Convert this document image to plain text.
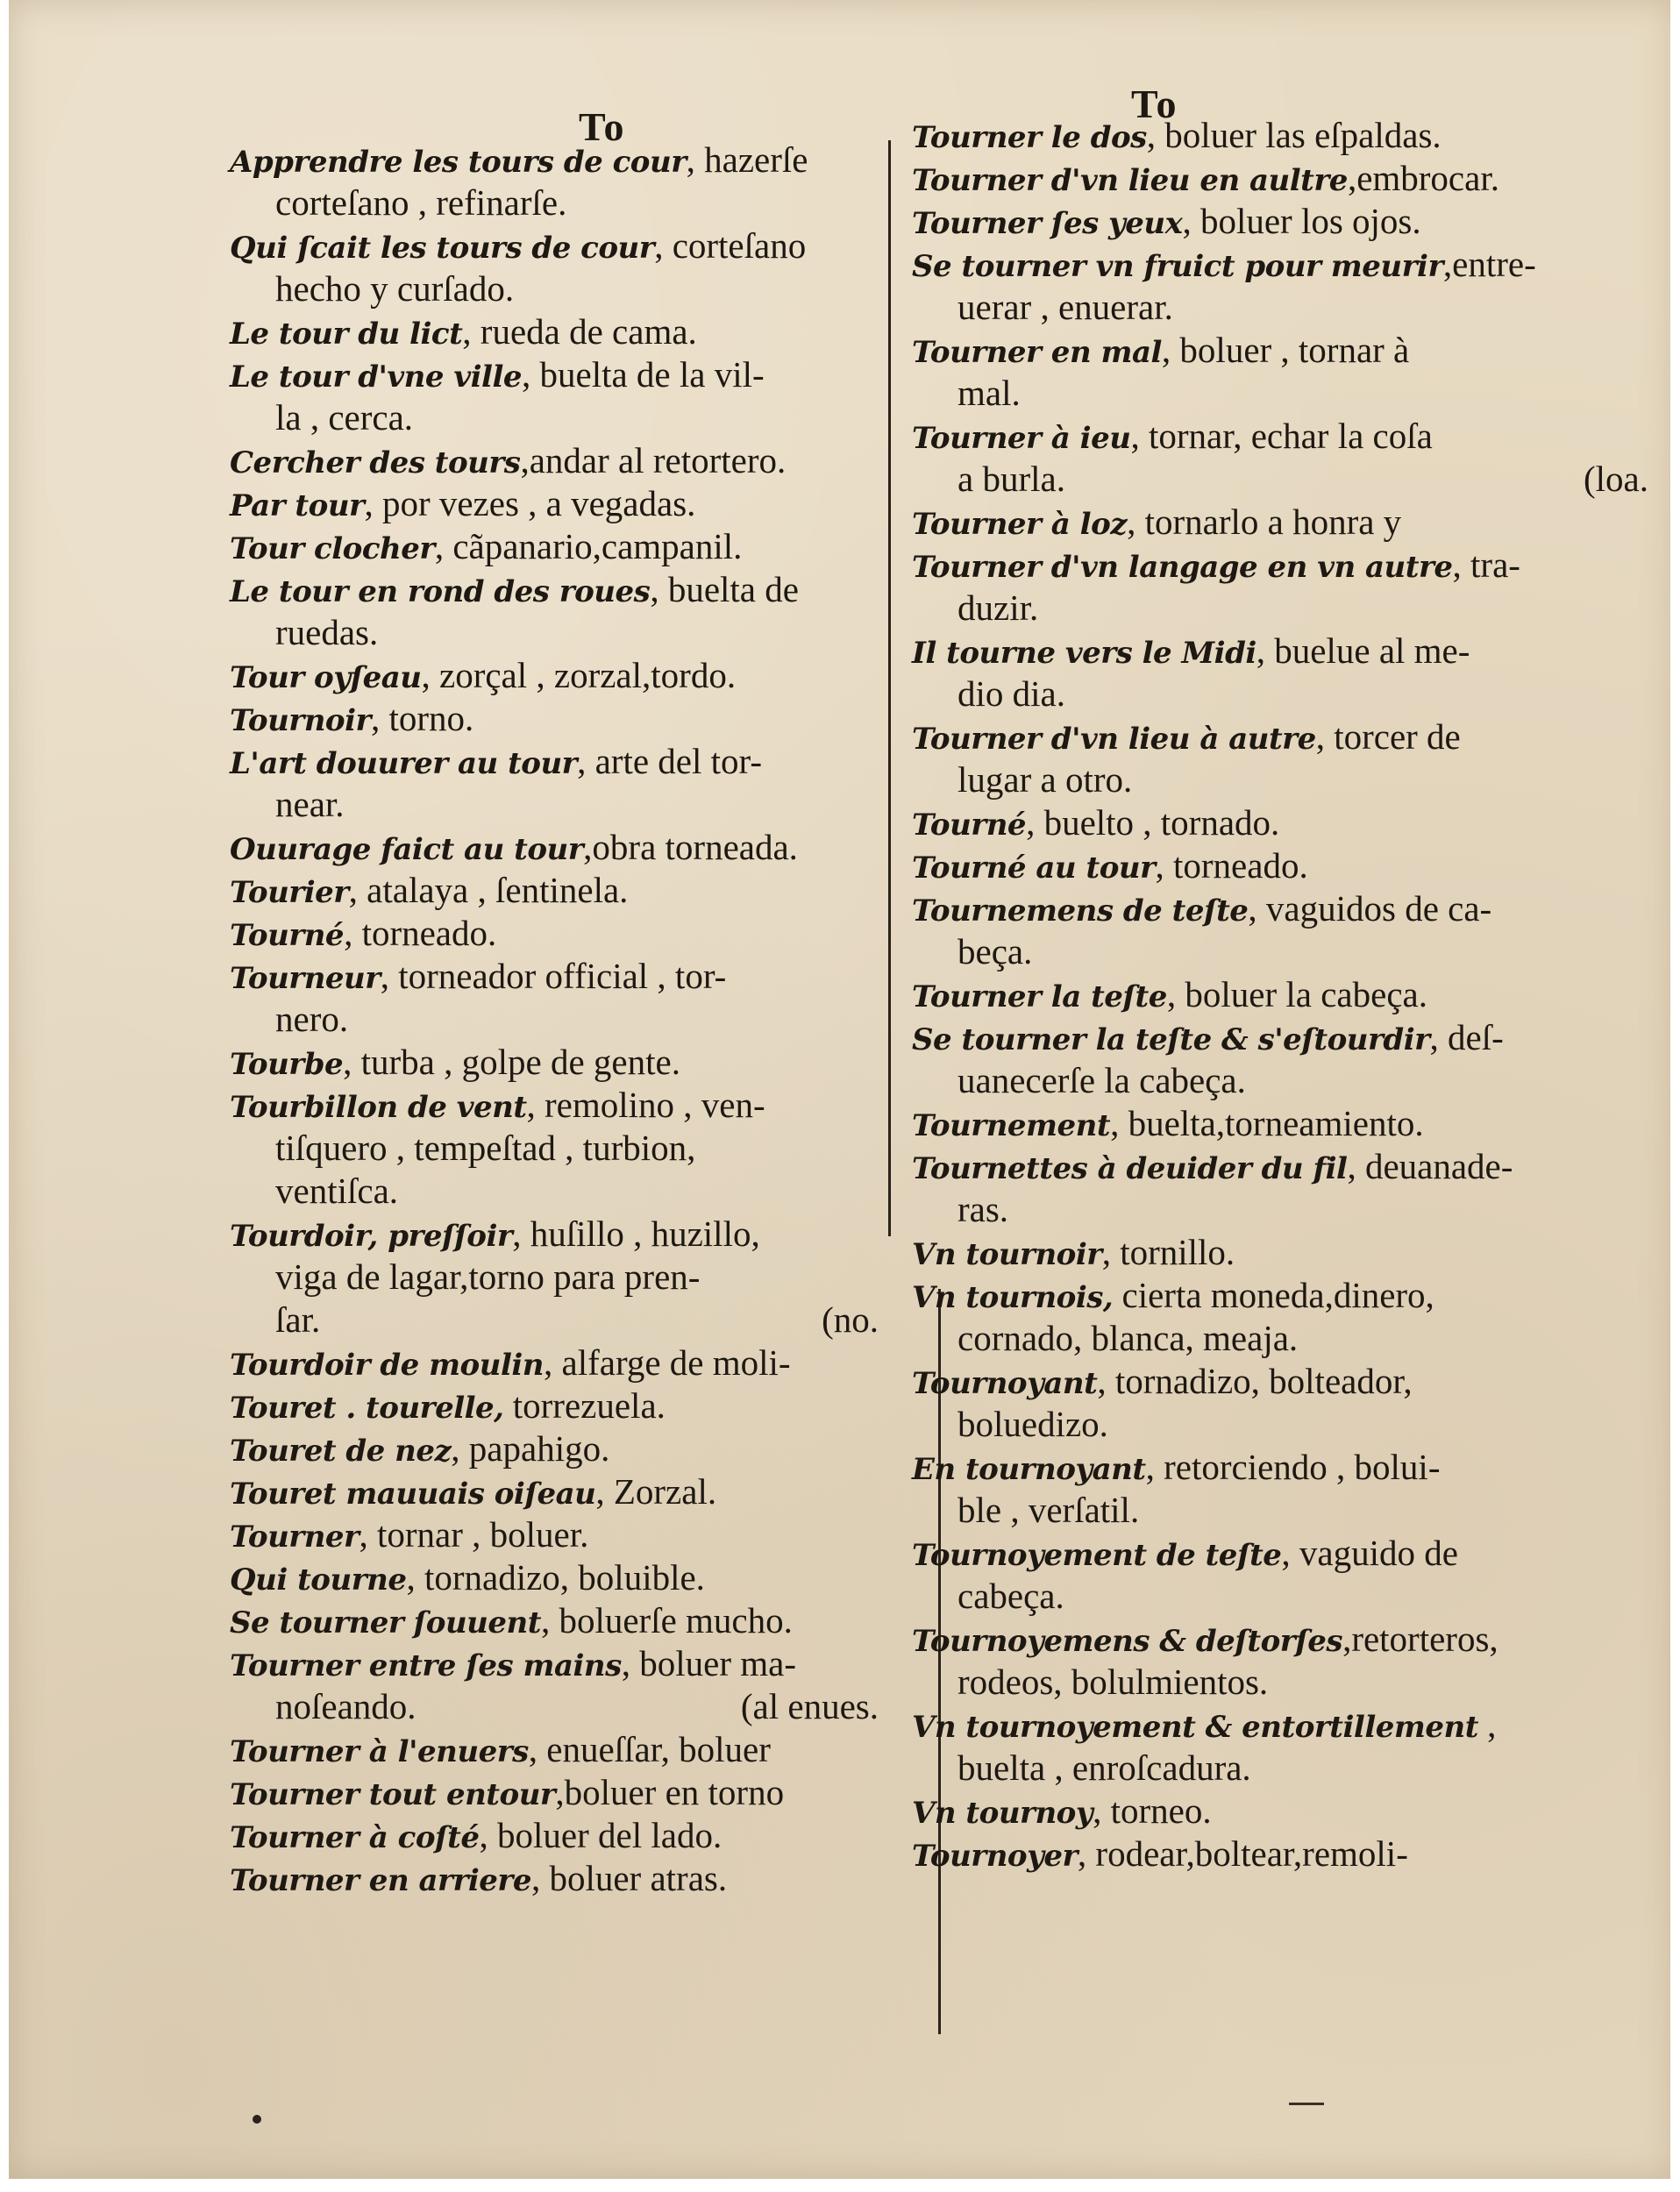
To
To
Apprendre les tours de cour, hazerſe
corteſano , refinarſe.
Qui ſcait les tours de cour, corteſano
hecho y curſado.
Le tour du lict, rueda de cama.
Le tour d'vne ville, buelta de la vil-
la , cerca.
Cercher des tours,andar al retortero.
Par tour, por vezes , a vegadas.
Tour clocher, cãpanario,campanil.
Le tour en rond des roues, buelta de
ruedas.
Tour oyſeau, zorçal , zorzal,tordo.
Tournoir, torno.
L'art douurer au tour, arte del tor-
near.
Ouurage faict au tour,obra torneada.
Tourier, atalaya , ſentinela.
Tourné, torneado.
Tourneur, torneador official , tor-
nero.
Tourbe, turba , golpe de gente.
Tourbillon de vent, remolino , ven-
tiſquero , tempeſtad , turbion,
ventiſca.
Tourdoir, preſſoir, huſillo , huzillo,
viga de lagar,torno para pren-
ſar.	(no.
Tourdoir de moulin, alfarge de moli-
Touret . tourelle, torrezuela.
Touret de nez, papahigo.
Touret mauuais oiſeau, Zorzal.
Tourner, tornar , boluer.
Qui tourne, tornadizo, boluible.
Se tourner ſouuent, boluerſe mucho.
Tourner entre ſes mains, boluer ma-
noſeando.	(al enues.
Tourner à l'enuers, enueſſar, boluer
Tourner tout entour,boluer en torno
Tourner à coſté, boluer del lado.
Tourner en arriere, boluer atras.
Tourner le dos, boluer las eſpaldas.
Tourner d'vn lieu en aultre,embrocar.
Tourner ſes yeux, boluer los ojos.
Se tourner vn fruict pour meurir,entre-
uerar , enuerar.
Tourner en mal, boluer , tornar à
mal.
Tourner à ieu, tornar, echar la coſa
a burla.	(loa.
Tourner à loz, tornarlo a honra y
Tourner d'vn langage en vn autre, tra-
duzir.
Il tourne vers le Midi, buelue al me-
dio dia.
Tourner d'vn lieu à autre, torcer de
lugar a otro.
Tourné, buelto , tornado.
Tourné au tour, torneado.
Tournemens de teſte, vaguidos de ca-
beça.
Tourner la teſte, boluer la cabeça.
Se tourner la teſte & s'eſtourdir, deſ-
uanecerſe la cabeça.
Tournement, buelta,torneamiento.
Tournettes à deuider du fil, deuanade-
ras.
Vn tournoir, tornillo.
Vn tournois, cierta moneda,dinero,
cornado, blanca, meaja.
Tournoyant, tornadizo, bolteador,
boluedizo.
En tournoyant, retorciendo , bolui-
ble , verſatil.
Tournoyement de teſte, vaguido de
cabeça.
Tournoyemens & deſtorſes,retorteros,
rodeos, bolulmientos.
Vn tournoyement & entortillement ,
buelta , enroſcadura.
Vn tournoy, torneo.
Tournoyer, rodear,boltear,remoli-
